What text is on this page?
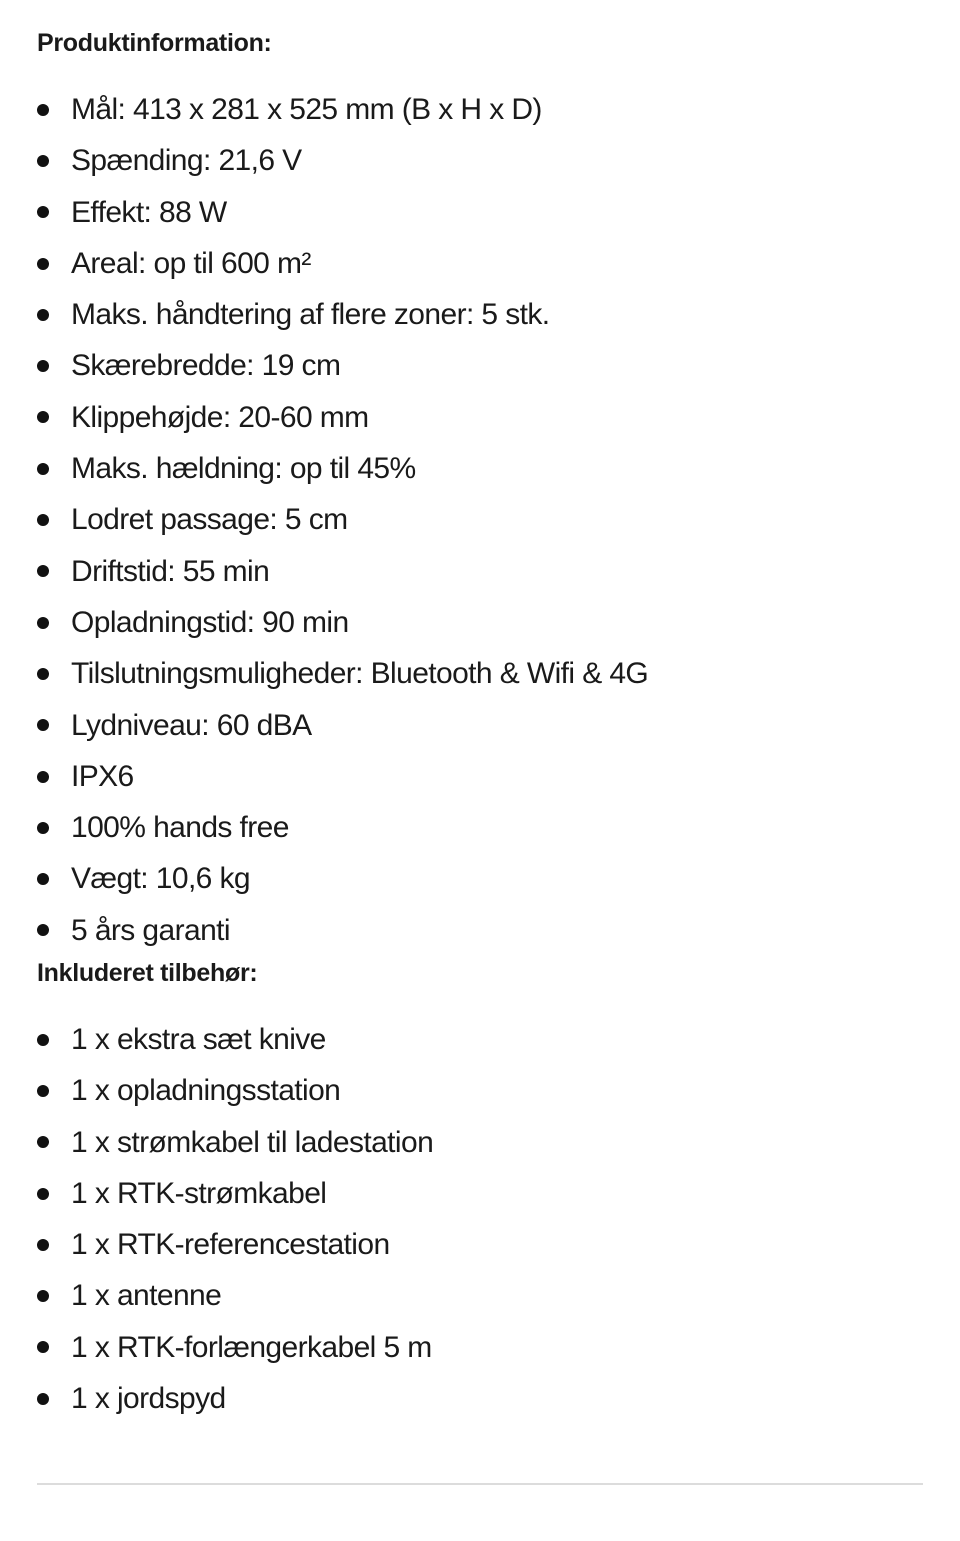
Produktinformation:
Mål: 413 x 281 x 525 mm (B x H x D)
Spænding: 21,6 V
Effekt: 88 W
Areal: op til 600 m²
Maks. håndtering af flere zoner: 5 stk.
Skærebredde: 19 cm
Klippehøjde: 20-60 mm
Maks. hældning: op til 45%
Lodret passage: 5 cm
Driftstid: 55 min
Opladningstid: 90 min
Tilslutningsmuligheder: Bluetooth & Wifi & 4G
Lydniveau: 60 dBA
IPX6
100% hands free
Vægt: 10,6 kg
5 års garanti
Inkluderet tilbehør:
1 x ekstra sæt knive
1 x opladningsstation
1 x strømkabel til ladestation
1 x RTK-strømkabel
1 x RTK-referencestation
1 x antenne
1 x RTK-forlængerkabel 5 m
1 x jordspyd
